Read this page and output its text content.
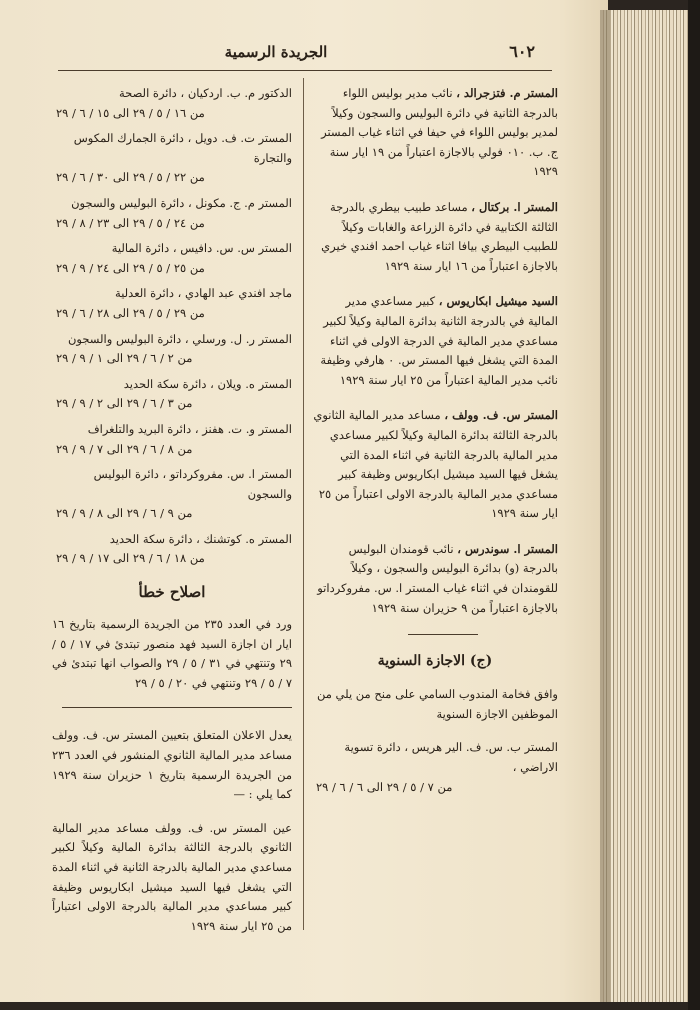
الجريدة الرسمية	٦٠٢

المستر م. فتزجرالد ، نائب مدير بوليس اللواء بالدرجة الثانية في دائرة البوليس والسجون وكيلاً لمدير بوليس اللواء في حيفا في اثناء غياب المستر ج. ب. ٠١٠ فولي بالاجازة اعتباراً من ١٩ ايار سنة ١٩٢٩

المستر ا. بركتال ، مساعد طبيب بيطري بالدرجة الثالثة الكتابية في دائرة الزراعة والغابات وكيلاً للطبيب البيطري بيافا اثناء غياب احمد افندي خيري بالاجازة اعتباراً من ١٦ ايار سنة ١٩٢٩

السيد ميشيل ابكاريوس ، كبير مساعدي مدير المالية في بالدرجة الثانية بدائرة المالية وكيلاً لكبير مساعدي مدير المالية في الدرجة الاولى في اثناء المدة التي يشغل فيها المستر س. ٠ هارفي وظيفة نائب مدير المالية اعتباراً من ٢٥ ايار سنة ١٩٢٩

المستر س. ف. وولف ، مساعد مدير المالية الثانوي بالدرجة الثالثة بدائرة المالية وكيلاً لكبير مساعدي مدير المالية بالدرجة الثانية في اثناء المدة التي يشغل فيها السيد ميشيل ابكاريوس وظيفة كبير مساعدي مدير المالية بالدرجة الاولى اعتباراً من ٢٥ ايار سنة ١٩٢٩

المستر ا. سوندرس ، نائب قومندان البوليس بالدرجة (و) بدائرة البوليس والسجون ، وكيلاً للقومندان في اثناء غياب المستر ا. س. مفروكرداتو بالاجازة اعتباراً من ٩ حزيران سنة ١٩٢٩

(ج) الاجازة السنوية

وافق فخامة المندوب السامي على منح من يلي من الموظفين الاجازة السنوية

المستر ب. س. ف. الير هريس ، دائرة تسوية الاراضي ،
من ٧ / ٥ / ٢٩ الى ٦ / ٦ / ٢٩
الدكتور م. ب. اردكيان ، دائرة الصحة
من ١٦ / ٥ / ٢٩ الى ١٥ / ٦ / ٢٩
المستر ت. ف. دويل ، دائرة الجمارك المكوس والتجارة
من ٢٢ / ٥ / ٢٩ الى ٣٠ / ٦ / ٢٩
المستر م. ج. مكونل ، دائرة البوليس والسجون
من ٢٤ / ٥ / ٢٩ الى ٢٣ / ٨ / ٢٩
المستر س. س. دافيس ، دائرة المالية
من ٢٥ / ٥ / ٢٩ الى ٢٤ / ٩ / ٢٩
ماجد افندي عبد الهادي ، دائرة العدلية
من ٢٩ / ٥ / ٢٩ الى ٢٨ / ٦ / ٢٩
المستر ر. ل. ورسلي ، دائرة البوليس والسجون
من ٢ / ٦ / ٢٩ الى ١ / ٩ / ٢٩
المستر ه. ويلان ، دائرة سكة الحديد
من ٣ / ٦ / ٢٩ الى ٢ / ٩ / ٢٩
المستر و. ت. هفنز ، دائرة البريد والتلغراف
من ٨ / ٦ / ٢٩ الى ٧ / ٩ / ٢٩
المستر ا. س. مفروكرداتو ، دائرة البوليس والسجون
من ٩ / ٦ / ٢٩ الى ٨ / ٩ / ٢٩
المستر ه. كوتشنك ، دائرة سكة الحديد
من ١٨ / ٦ / ٢٩ الى ١٧ / ٩ / ٢٩
اصلاح خطأ

ورد في العدد ٢٣٥ من الجريدة الرسمية بتاريخ ١٦ ايار ان اجازة السيد فهد منصور تبتدئ في ١٧ / ٥ / ٢٩ وتنتهي في ٣١ / ٥ / ٢٩ والصواب انها تبتدئ في ٧ / ٥ / ٢٩ وتنتهي في ٢٠ / ٥ / ٢٩

يعدل الاعلان المتعلق بتعيين المستر س. ف. وولف مساعد مدير المالية الثانوي المنشور في العدد ٢٣٦ من الجريدة الرسمية بتاريخ ١ حزيران سنة ١٩٢٩ كما يلي : —

عين المستر س. ف. وولف مساعد مدير المالية الثانوي بالدرجة الثالثة بدائرة المالية وكيلاً لكبير مساعدي مدير المالية بالدرجة الثانية في اثناء المدة التي يشغل فيها السيد ميشيل ابكاريوس وظيفة كبير مساعدي مدير المالية بالدرجة الاولى اعتباراً من ٢٥ ايار سنة ١٩٢٩
